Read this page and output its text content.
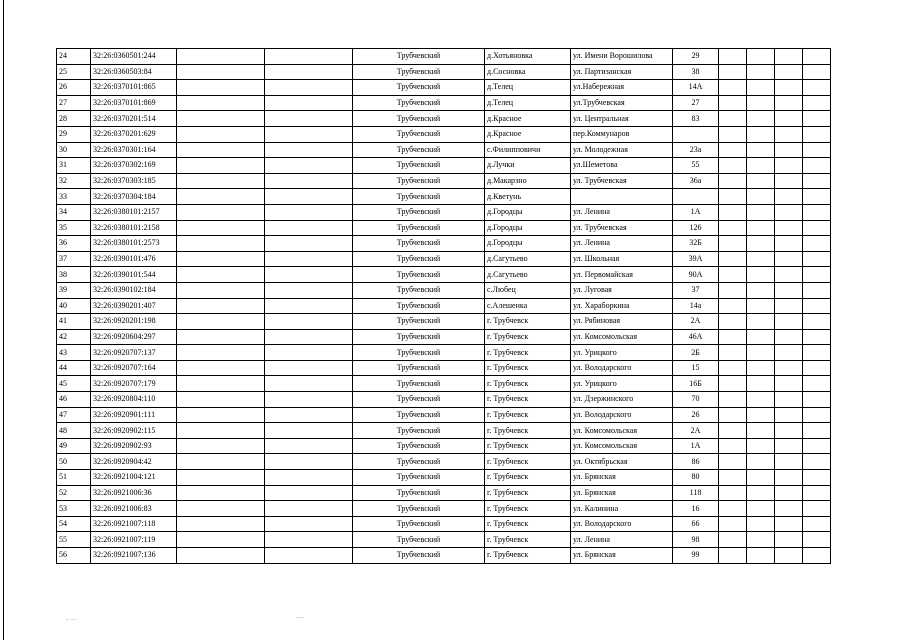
24	32:26:0360501:244			Трубчевский	д.Хотьяновка	ул. Имени Ворошилова	29				
25	32:26:0360503:84			Трубчевский	д.Сосновка	ул. Партизанская	38				
26	32:26:0370101:865			Трубчевский	д.Телец	ул.Набережная	14А				
27	32:26:0370101:869			Трубчевский	д.Телец	ул.Трубчевская	27				
28	32:26:0370201:514			Трубчевский	д.Красное	ул. Центральная	83				
29	32:26:0370201:629			Трубчевский	д.Красное	пер.Коммунаров					
30	32:26:0370301:164			Трубчевский	с.Филипповичи	ул. Молодежная	23а				
31	32:26:0370302:169			Трубчевский	д.Лучки	ул.Шеметова	55				
32	32:26:0370303:185			Трубчевский	д.Макарзно	ул. Трубчевская	36а				
33	32:26:0370304:184			Трубчевский	д.Кветунь						
34	32:26:0380101:2157			Трубчевский	д.Городцы	ул. Ленина	1А				
35	32:26:0380101:2158			Трубчевский	д.Городцы	ул. Трубчевская	126				
36	32:26:0380101:2573			Трубчевский	д.Городцы	ул. Ленина	32Б				
37	32:26:0390101:476			Трубчевский	д.Сагутьево	ул. Школьная	39А				
38	32:26:0390101:544			Трубчевский	д.Сагутьево	ул. Первомайская	90А				
39	32:26:0390102:184			Трубчевский	с.Любец	ул. Луговая	37				
40	32:26:0390201:407			Трубчевский	с.Алешенка	ул. Хараборкина	14а				
41	32:26:0920201:198			Трубчевский	г. Трубчевск	ул. Рябиновая	2А				
42	32:26:0920604:297			Трубчевский	г. Трубчевск	ул. Комсомольская	46А				
43	32:26:0920707:137			Трубчевский	г. Трубчевск	ул. Урицкого	2Б				
44	32:26:0920707:164			Трубчевский	г. Трубчевск	ул. Володарского	15				
45	32:26:0920707:179			Трубчевский	г. Трубчевск	ул. Урицкого	16Б				
46	32:26:0920804:110			Трубчевский	г. Трубчевск	ул. Дзержинского	70				
47	32:26:0920901:111			Трубчевский	г. Трубчевск	ул. Володарского	26				
48	32:26:0920902:115			Трубчевский	г. Трубчевск	ул. Комсомольская	2А				
49	32:26:0920902:93			Трубчевский	г. Трубчевск	ул. Комсомольская	1А				
50	32:26:0920904:42			Трубчевский	г. Трубчевск	ул. Октябрьская	86				
51	32:26:0921004:121			Трубчевский	г. Трубчевск	ул. Брянская	80				
52	32:26:0921006:36			Трубчевский	г. Трубчевск	ул. Брянская	118				
53	32:26:0921006:83			Трубчевский	г. Трубчевск	ул. Калинина	16				
54	32:26:0921007:118			Трубчевский	г. Трубчевск	ул. Володарского	66				
55	32:26:0921007:119			Трубчевский	г. Трубчевск	ул. Ленина	98				
56	32:26:0921007:136			Трубчевский	г. Трубчевск	ул. Брянская	99				
.. ...	.....
